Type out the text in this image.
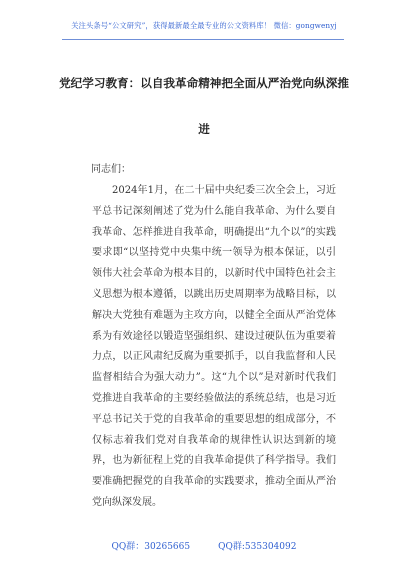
关注头条号“公文研究”，获得最新最全最专业的公文资料库！ 微信：gongwenyj
党纪学习教育：以自我革命精神把全面从严治党向纵深推
进
同志们：

2024年1月，在二十届中央纪委三次全会上，习近平总书记深刻阐述了党为什么能自我革命、为什么要自我革命、怎样推进自我革命，明确提出“九个以”的实践要求即“以坚持党中央集中统一领导为根本保证，以引领伟大社会革命为根本目的，以新时代中国特色社会主义思想为根本遵循，以跳出历史周期率为战略目标，以解决大党独有难题为主攻方向，以健全全面从严治党体系为有效途径以锻造坚强组织、建设过硬队伍为重要着力点，以正风肃纪反腐为重要抓手，以自我监督和人民监督相结合为强大动力”。这“九个以”是对新时代我们党推进自我革命的主要经验做法的系统总结，也是习近平总书记关于党的自我革命的重要思想的组成部分，不仅标志着我们党对自我革命的规律性认识达到新的境界，也为新征程上党的自我革命提供了科学指导。我们要准确把握党的自我革命的实践要求，推动全面从严治党向纵深发展。

QQ群：30265665	QQ群:535304092
